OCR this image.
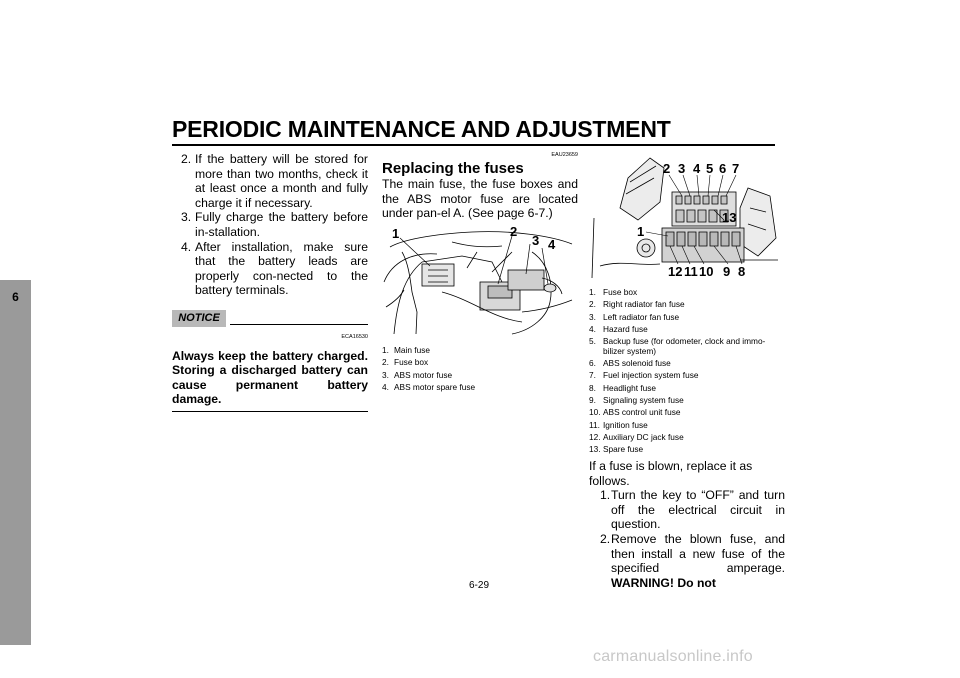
PERIODIC MAINTENANCE AND ADJUSTMENT
6
2. If the battery will be stored for more than two months, check it at least once a month and fully charge it if necessary.
3. Fully charge the battery before in-stallation.
4. After installation, make sure that the battery leads are properly con-nected to the battery terminals.
NOTICE
ECA16530
Always keep the battery charged. Storing a discharged battery can cause permanent battery damage.
EAU23659
Replacing the fuses
The main fuse, the fuse boxes and the ABS motor fuse are located under pan-el A. (See page 6-7.)
1	2
3 4
1. Main fuse
2. Fuse box
3. ABS motor fuse
4. ABS motor spare fuse
2 3 4 5 6 7
13
1
12 11 10 9 8
1. Fuse box
2. Right radiator fan fuse
3. Left radiator fan fuse
4. Hazard fuse
5. Backup fuse (for odometer, clock and immo-bilizer system)
6. ABS solenoid fuse
7. Fuel injection system fuse
8. Headlight fuse
9. Signaling system fuse
10. ABS control unit fuse
11. Ignition fuse
12. Auxiliary DC jack fuse
13. Spare fuse
If a fuse is blown, replace it as follows.
1. Turn the key to “OFF” and turn off the electrical circuit in question.
2. Remove the blown fuse, and then install a new fuse of the specified amperage. WARNING! Do not
6-29
carmanualsonline.info
